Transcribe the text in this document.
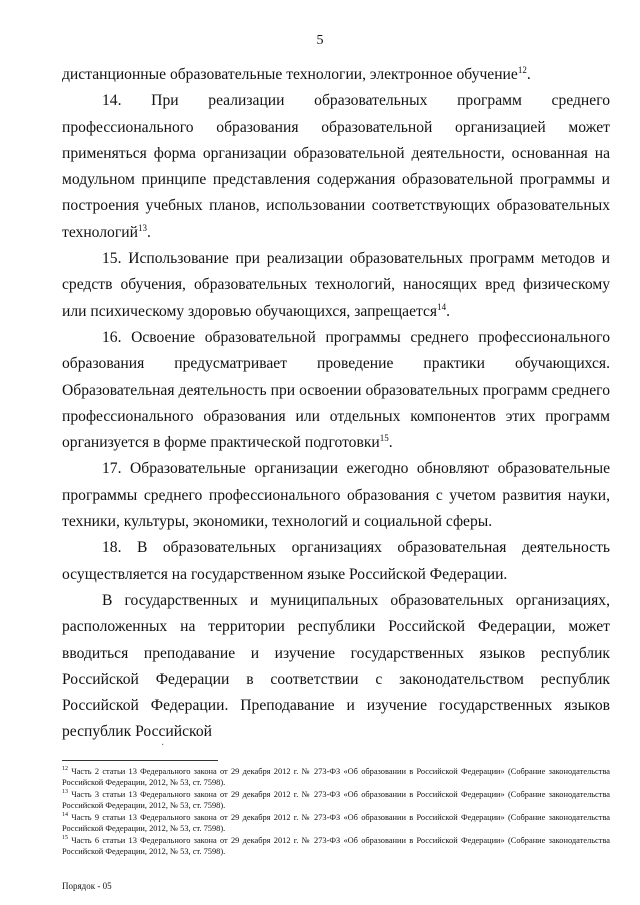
5

дистанционные образовательные технологии, электронное обучение$^{12}$.

14. При реализации образовательных программ среднего профессионального образования образовательной организацией может применяться форма организации образовательной деятельности, основанная на модульном принципе представления содержания образовательной программы и построения учебных планов, использовании соответствующих образовательных технологий$^{13}$.

15. Использование при реализации образовательных программ методов и средств обучения, образовательных технологий, наносящих вред физическому или психическому здоровью обучающихся, запрещается$^{14}$.

16. Освоение образовательной программы среднего профессионального образования предусматривает проведение практики обучающихся. Образовательная деятельность при освоении образовательных программ среднего профессионального образования или отдельных компонентов этих программ организуется в форме практической подготовки$^{15}$.

17. Образовательные организации ежегодно обновляют образовательные программы среднего профессионального образования с учетом развития науки, техники, культуры, экономики, технологий и социальной сферы.

18. В образовательных организациях образовательная деятельность осуществляется на государственном языке Российской Федерации.

В государственных и муниципальных образовательных организациях, расположенных на территории республики Российской Федерации, может вводиться преподавание и изучение государственных языков республик Российской Федерации в соответствии с законодательством республик Российской Федерации. Преподавание и изучение государственных языков республик Российской

·

$^{12}$ Часть 2 статьи 13 Федерального закона от 29 декабря 2012 г. № 273-ФЗ «Об образовании в Российской Федерации» (Собрание законодательства Российской Федерации, 2012, № 53, ст. 7598).

$^{13}$ Часть 3 статьи 13 Федерального закона от 29 декабря 2012 г. № 273-ФЗ «Об образовании в Российской Федерации» (Собрание законодательства Российской Федерации, 2012, № 53, ст. 7598).

$^{14}$ Часть 9 статьи 13 Федерального закона от 29 декабря 2012 г. № 273-ФЗ «Об образовании в Российской Федерации» (Собрание законодательства Российской Федерации, 2012, № 53, ст. 7598).

$^{15}$ Часть 6 статьи 13 Федерального закона от 29 декабря 2012 г. № 273-ФЗ «Об образовании в Российской Федерации» (Собрание законодательства Российской Федерации, 2012, № 53, ст. 7598).

Порядок - 05
